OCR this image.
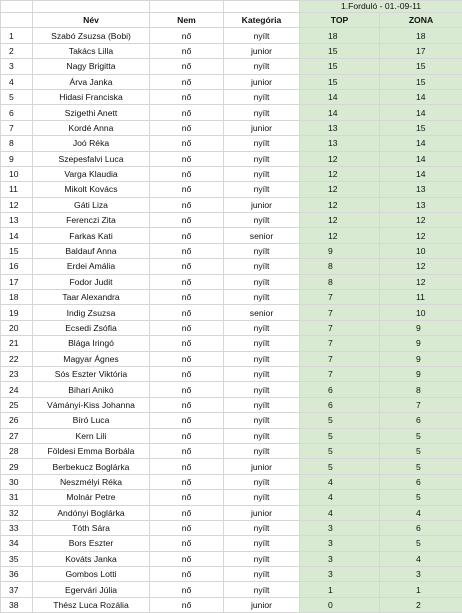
				1.Forduló - 01.-09-11	
	Név	Nem	Kategória	TOP	ZONA
1	Szabó Zsuzsa (Bobi)	nő	nyílt	18	18
2	Takács Lilla	nő	junior	15	17
3	Nagy Brigitta	nő	nyílt	15	15
4	Árva Janka	nő	junior	15	15
5	Hidasi Franciska	nő	nyílt	14	14
6	Szigethi Anett	nő	nyílt	14	14
7	Kordé Anna	nő	junior	13	15
8	Joó Réka	nő	nyílt	13	14
9	Szepesfalvi Luca	nő	nyílt	12	14
10	Varga Klaudia	nő	nyílt	12	14
11	Mikolt Kovács	nő	nyílt	12	13
12	Gáti Liza	nő	junior	12	13
13	Ferenczi Zita	nő	nyílt	12	12
14	Farkas Kati	nő	senior	12	12
15	Baldauf Anna	nő	nyílt	9	10
16	Erdei Amália	nő	nyílt	8	12
17	Fodor Judit	nő	nyílt	8	12
18	Taar Alexandra	nő	nyílt	7	11
19	Indig Zsuzsa	nő	senior	7	10
20	Ecsedi Zsófia	nő	nyílt	7	9
21	Blága Iringó	nő	nyílt	7	9
22	Magyar Ágnes	nő	nyílt	7	9
23	Sós Eszter Viktória	nő	nyílt	7	9
24	Bihari Anikó	nő	nyílt	6	8
25	Vámányi-Kiss Johanna	nő	nyílt	6	7
26	Bíró Luca	nő	nyílt	5	6
27	Kern Lili	nő	nyílt	5	5
28	Földesi Emma Borbála	nő	nyílt	5	5
29	Berbekucz Boglárka	nő	junior	5	5
30	Neszmélyi Réka	nő	nyílt	4	6
31	Molnár Petre	nő	nyílt	4	5
32	Andónyi Boglárka	nő	junior	4	4
33	Tóth Sára	nő	nyílt	3	6
34	Bors Eszter	nő	nyílt	3	5
35	Kováts Janka	nő	nyílt	3	4
36	Gombos Lotti	nő	nyílt	3	3
37	Egervári Júlia	nő	nyílt	1	1
38	Thész Luca Rozália	nő	junior	0	2
